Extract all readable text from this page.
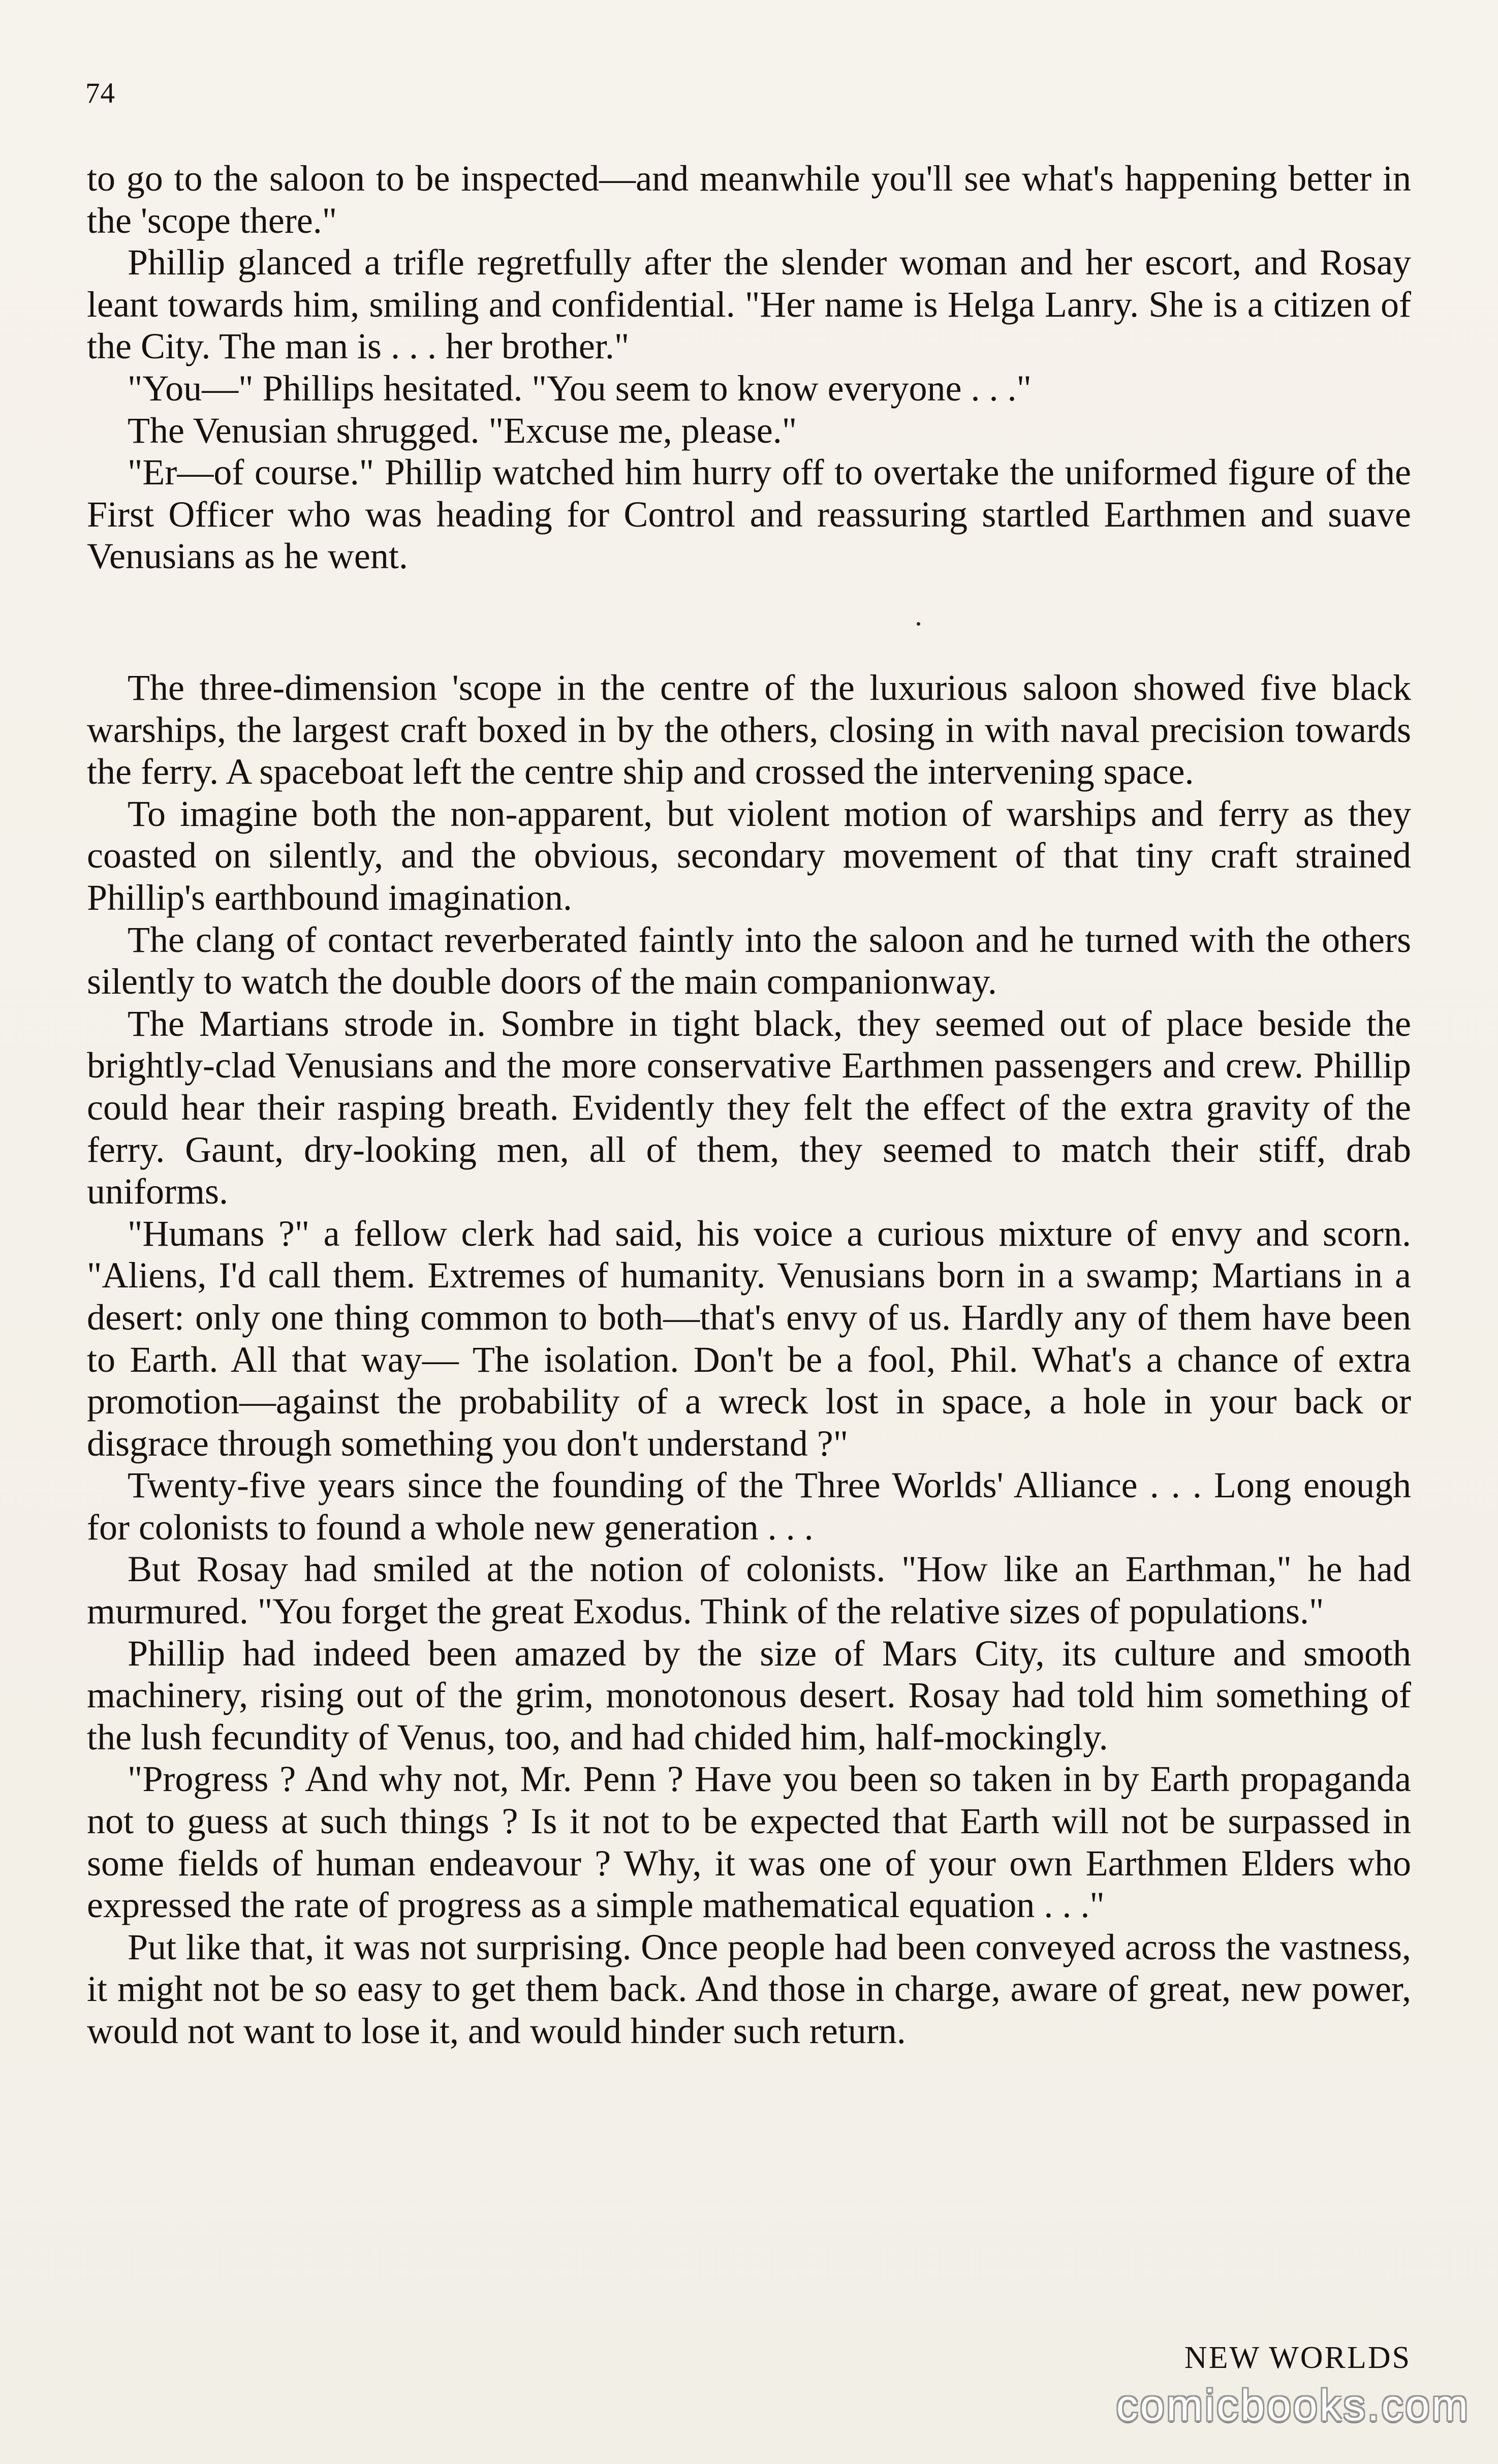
74

to go to the saloon to be inspected—and meanwhile you'll see what's happening better in the 'scope there."

Phillip glanced a trifle regretfully after the slender woman and her escort, and Rosay leant towards him, smiling and confidential. "Her name is Helga Lanry. She is a citizen of the City. The man is . . . her brother."

"You—" Phillips hesitated. "You seem to know everyone . . ."

The Venusian shrugged. "Excuse me, please."

"Er—of course." Phillip watched him hurry off to overtake the uniformed figure of the First Officer who was heading for Control and reassuring startled Earthmen and suave Venusians as he went.

The three-dimension 'scope in the centre of the luxurious saloon showed five black warships, the largest craft boxed in by the others, closing in with naval precision towards the ferry. A spaceboat left the centre ship and crossed the intervening space.

To imagine both the non-apparent, but violent motion of warships and ferry as they coasted on silently, and the obvious, secondary movement of that tiny craft strained Phillip's earthbound imagination.

The clang of contact reverberated faintly into the saloon and he turned with the others silently to watch the double doors of the main companionway.

The Martians strode in. Sombre in tight black, they seemed out of place beside the brightly-clad Venusians and the more conservative Earthmen passengers and crew. Phillip could hear their rasping breath. Evidently they felt the effect of the extra gravity of the ferry. Gaunt, dry-looking men, all of them, they seemed to match their stiff, drab uniforms.

"Humans ?" a fellow clerk had said, his voice a curious mixture of envy and scorn. "Aliens, I'd call them. Extremes of humanity. Venusians born in a swamp; Martians in a desert: only one thing common to both—that's envy of us. Hardly any of them have been to Earth. All that way— The isolation. Don't be a fool, Phil. What's a chance of extra promotion—against the probability of a wreck lost in space, a hole in your back or disgrace through something you don't understand ?"

Twenty-five years since the founding of the Three Worlds' Alliance . . . Long enough for colonists to found a whole new generation . . .

But Rosay had smiled at the notion of colonists. "How like an Earthman," he had murmured. "You forget the great Exodus. Think of the relative sizes of populations."

Phillip had indeed been amazed by the size of Mars City, its culture and smooth machinery, rising out of the grim, monotonous desert. Rosay had told him something of the lush fecundity of Venus, too, and had chided him, half-mockingly.

"Progress ? And why not, Mr. Penn ? Have you been so taken in by Earth propaganda not to guess at such things ? Is it not to be expected that Earth will not be surpassed in some fields of human endeavour ? Why, it was one of your own Earthmen Elders who expressed the rate of progress as a simple mathematical equation . . ."

Put like that, it was not surprising. Once people had been conveyed across the vastness, it might not be so easy to get them back. And those in charge, aware of great, new power, would not want to lose it, and would hinder such return.

NEW WORLDS
comicbooks.com
